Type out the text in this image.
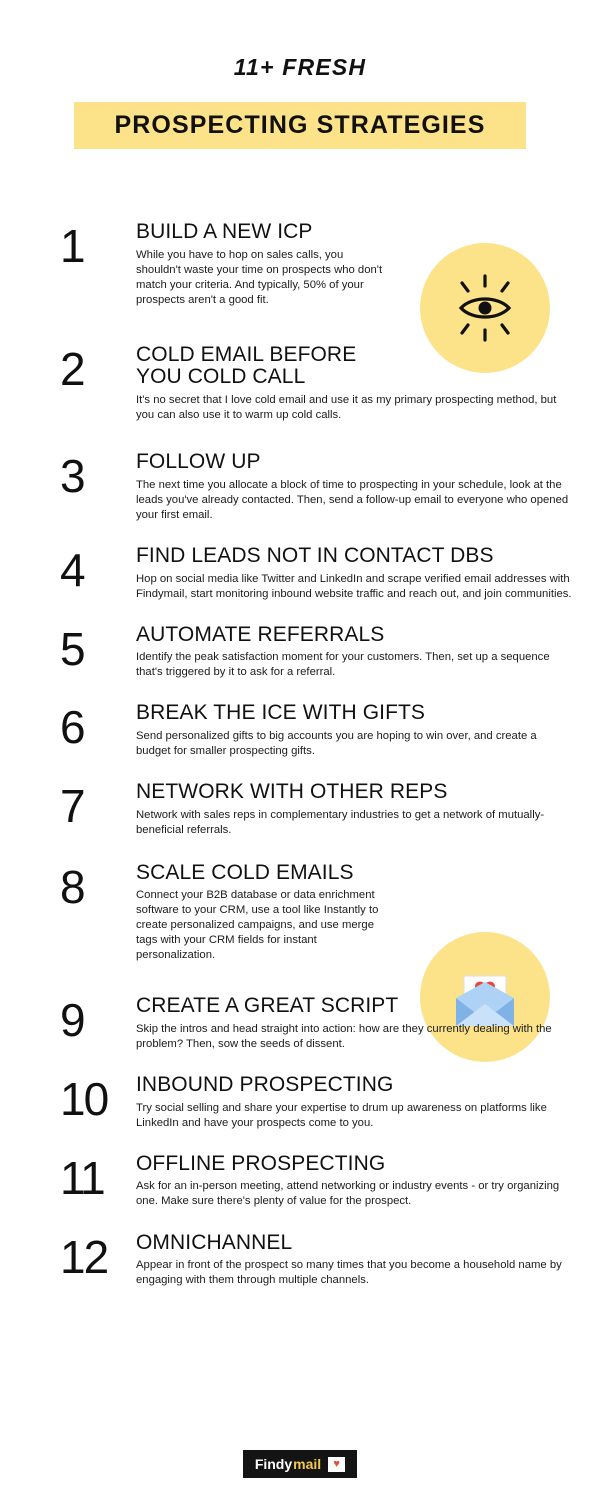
11+ FRESH
PROSPECTING STRATEGIES
1	BUILD A NEW ICP

While you have to hop on sales calls, you shouldn't waste your time on prospects who don't match your criteria. And typically, 50% of your prospects aren't a good fit.

2	COLD EMAIL BEFORE YOU COLD CALL

It's no secret that I love cold email and use it as my primary prospecting method, but you can also use it to warm up cold calls.

3	FOLLOW UP

The next time you allocate a block of time to prospecting in your schedule, look at the leads you've already contacted. Then, send a follow-up email to everyone who opened your first email.

4	FIND LEADS NOT IN CONTACT DBS

Hop on social media like Twitter and LinkedIn and scrape verified email addresses with Findymail, start monitoring inbound website traffic and reach out, and join communities.

5	AUTOMATE REFERRALS

Identify the peak satisfaction moment for your customers. Then, set up a sequence that's triggered by it to ask for a referral.

6	BREAK THE ICE WITH GIFTS

Send personalized gifts to big accounts you are hoping to win over, and create a budget for smaller prospecting gifts.

7	NETWORK WITH OTHER REPS

Network with sales reps in complementary industries to get a network of mutually-beneficial referrals.

8	SCALE COLD EMAILS

Connect your B2B database or data enrichment software to your CRM, use a tool like Instantly to create personalized campaigns, and use merge tags with your CRM fields for instant personalization.

9	CREATE A GREAT SCRIPT

Skip the intros and head straight into action: how are they currently dealing with the problem? Then, sow the seeds of dissent.

10	INBOUND PROSPECTING

Try social selling and share your expertise to drum up awareness on platforms like LinkedIn and have your prospects come to you.

11	OFFLINE PROSPECTING

Ask for an in-person meeting, attend networking or industry events - or try organizing one. Make sure there's plenty of value for the prospect.

12	OMNICHANNEL

Appear in front of the prospect so many times that you become a household name by engaging with them through multiple channels.

Findy mail ♥
